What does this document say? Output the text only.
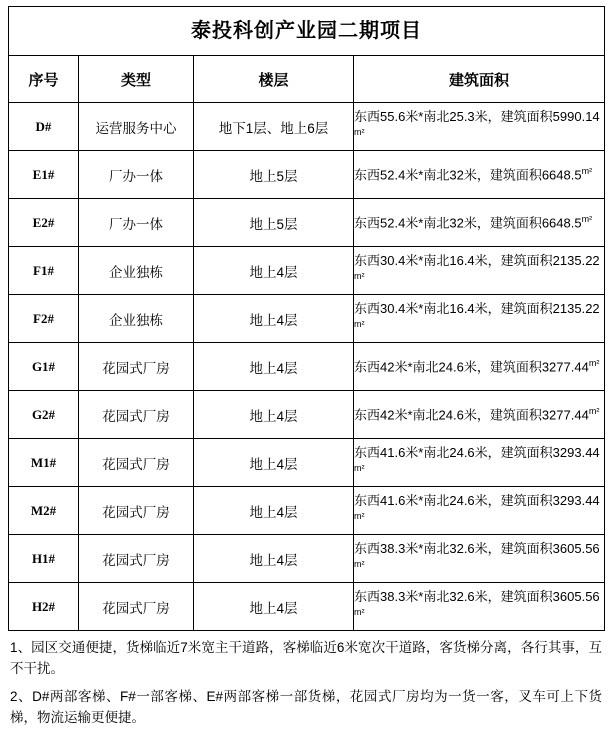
泰投科创产业园二期项目			
序号	类型	楼层	建筑面积
D#	运营服务中心	地下1层、地上6层	东西55.6米*南北25.3米，建筑面积$5990.14^{m^2}$
E1#	厂办一体	地上5层	东西52.4米*南北32米，建筑面积$6648.5^{m^2}$
E2#	厂办一体	地上5层	东西52.4米*南北32米，建筑面积$6648.5^{m^2}$
F1#	企业独栋	地上4层	东西30.4米*南北16.4米，建筑面积$2135.22^{m^2}$
F2#	企业独栋	地上4层	东西30.4米*南北16.4米，建筑面积$2135.22^{m^2}$
G1#	花园式厂房	地上4层	东西42米*南北24.6米，建筑面积$3277.44^{m^2}$
G2#	花园式厂房	地上4层	东西42米*南北24.6米，建筑面积$3277.44^{m^2}$
M1#	花园式厂房	地上4层	东西41.6米*南北24.6米，建筑面积$3293.44^{m^2}$
M2#	花园式厂房	地上4层	东西41.6米*南北24.6米，建筑面积$3293.44^{m^2}$
H1#	花园式厂房	地上4层	东西38.3米*南北32.6米，建筑面积$3605.56^{m^2}$
H2#	花园式厂房	地上4层	东西38.3米*南北32.6米，建筑面积$3605.56^{m^2}$

1、园区交通便捷，货梯临近7米宽主干道路，客梯临近6米宽次干道路，客货梯分离，各行其事，互不干扰。

2、D#两部客梯、F#一部客梯、E#两部客梯一部货梯，花园式厂房均为一货一客，叉车可上下货梯，物流运输更便捷。
